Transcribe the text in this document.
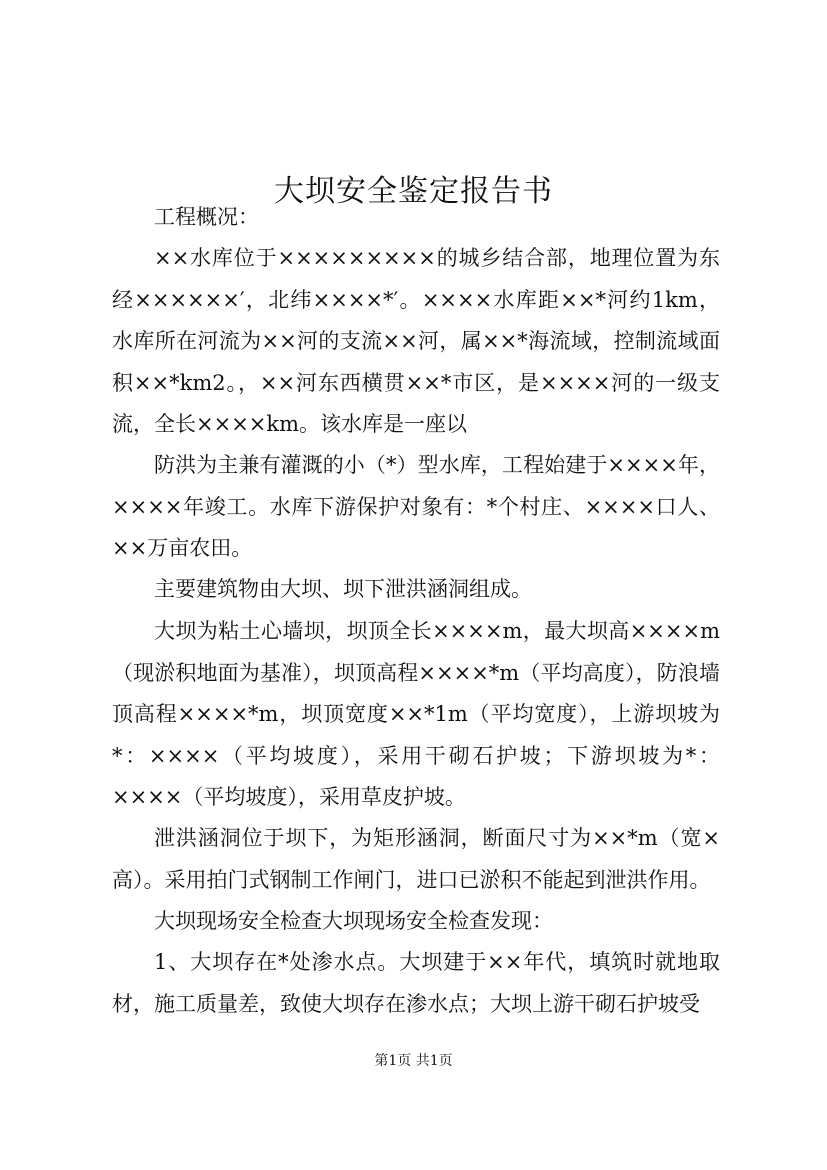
大坝安全鉴定报告书

工程概况：

××水库位于×××××××××的城乡结合部，地理位置为东经××××××′，北纬××××*′。××××水库距××*河约1km，水库所在河流为××河的支流××河，属××*海流域，控制流域面积××*km2。，××河东西横贯××*市区，是××××河的一级支流，全长××××km。该水库是一座以

防洪为主兼有灌溉的小（*）型水库，工程始建于××××年，××××年竣工。水库下游保护对象有：*个村庄、××××口人、××万亩农田。

主要建筑物由大坝、坝下泄洪涵洞组成。

大坝为粘土心墙坝，坝顶全长××××m，最大坝高××××m（现淤积地面为基准），坝顶高程××××*m（平均高度），防浪墙顶高程××××*m，坝顶宽度××*1m（平均宽度），上游坝坡为*：××××（平均坡度），采用干砌石护坡；下游坝坡为*：××××（平均坡度），采用草皮护坡。

泄洪涵洞位于坝下，为矩形涵洞，断面尺寸为××*m（宽×高）。采用拍门式钢制工作闸门，进口已淤积不能起到泄洪作用。

大坝现场安全检查大坝现场安全检查发现：

1、大坝存在*处渗水点。大坝建于××年代，填筑时就地取材，施工质量差，致使大坝存在渗水点；大坝上游干砌石护坡受

第1页 共1页
